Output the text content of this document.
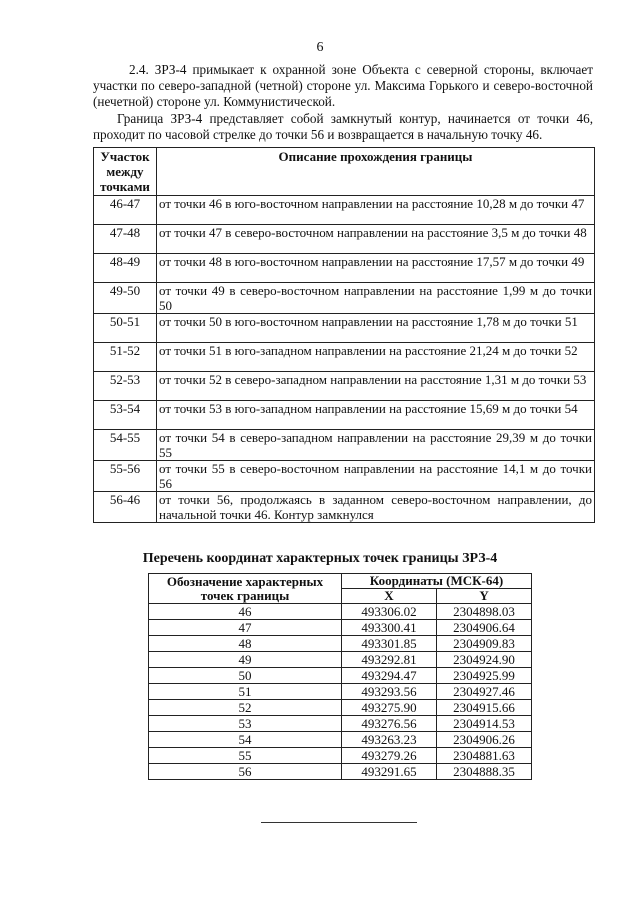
6

2.4. ЗРЗ-4 примыкает к охранной зоне Объекта с северной стороны, включает участки по северо-западной (четной) стороне ул. Максима Горького и северо-восточной (нечетной) стороне ул. Коммунистической.

Граница ЗРЗ-4 представляет собой замкнутый контур, начинается от точки 46, проходит по часовой стрелке до точки 56 и возвращается в начальную точку 46.

Участок между точками	Описание прохождения границы
46-47	от точки 46 в юго-восточном направлении на расстояние 10,28 м до точки 47
47-48	от точки 47 в северо-восточном направлении на расстояние 3,5 м до точки 48
48-49	от точки 48 в юго-восточном направлении на расстояние 17,57 м до точки 49
49-50	от точки 49 в северо-восточном направлении на расстояние 1,99 м до точки 50
50-51	от точки 50 в юго-восточном направлении на расстояние 1,78 м до точки 51
51-52	от точки 51 в юго-западном направлении на расстояние 21,24 м до точки 52
52-53	от точки 52 в северо-западном направлении на расстояние 1,31 м до точки 53
53-54	от точки 53 в юго-западном направлении на расстояние 15,69 м до точки 54
54-55	от точки 54 в северо-западном направлении на расстояние 29,39 м до точки 55
55-56	от точки 55 в северо-восточном направлении на расстояние 14,1 м до точки 56
56-46	от точки 56, продолжаясь в заданном северо-восточном направлении, до начальной точки 46. Контур замкнулся
Перечень координат характерных точек границы ЗРЗ-4
Обозначение характерных точек границы	Координаты (МСК-64)	
	X	Y
46	493306.02	2304898.03
47	493300.41	2304906.64
48	493301.85	2304909.83
49	493292.81	2304924.90
50	493294.47	2304925.99
51	493293.56	2304927.46
52	493275.90	2304915.66
53	493276.56	2304914.53
54	493263.23	2304906.26
55	493279.26	2304881.63
56	493291.65	2304888.35
